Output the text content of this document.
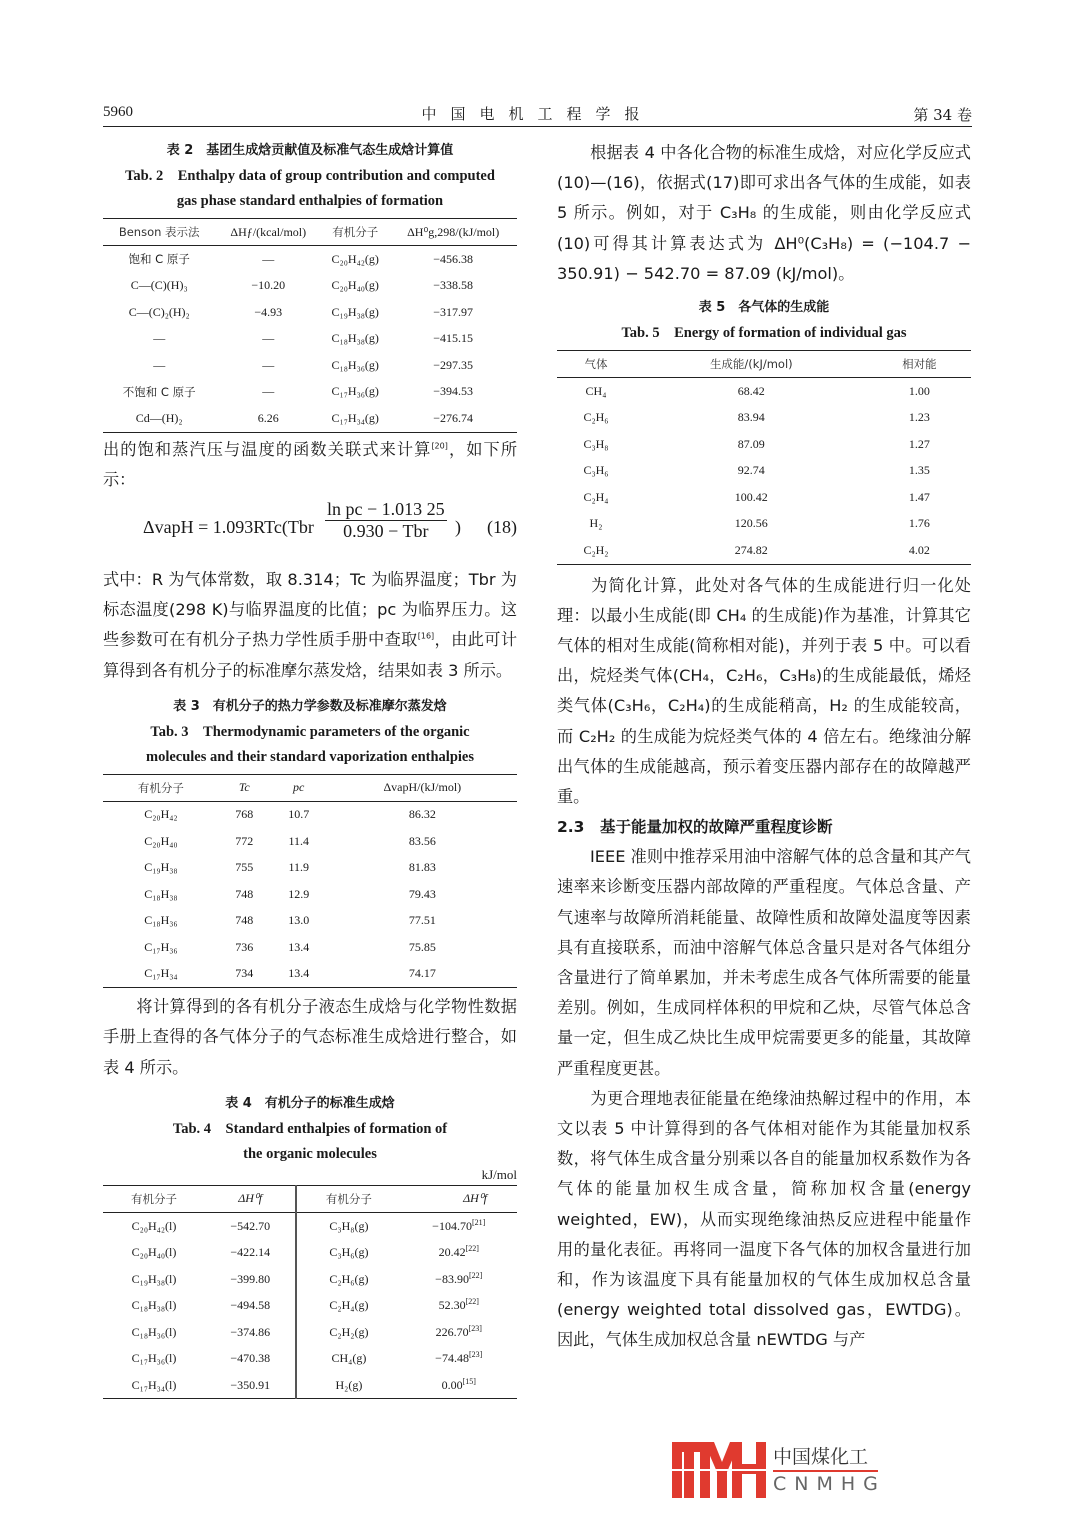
5960	中国电机工程学报	第 34 卷
表 2　基团生成焓贡献值及标准气态生成焓计算值
Tab. 2　Enthalpy data of group contribution and computed
gas phase standard enthalpies of formation
Benson 表示法	ΔHƒ/(kcal/mol)	有机分子	ΔH⁰g,298/(kJ/mol)
饱和 C 原子	—	C₂₀H₄₂(g)	−456.38
C—(C)(H)₃	−10.20	C₂₀H₄₀(g)	−338.58
C—(C)₂(H)₂	−4.93	C₁₉H₃₈(g)	−317.97
—	—	C₁₈H₃₈(g)	−415.15
—	—	C₁₈H₃₆(g)	−297.35
不饱和 C 原子	—	C₁₇H₃₆(g)	−394.53
Cd—(H)₂	6.26	C₁₇H₃₄(g)	−276.74

出的饱和蒸汽压与温度的函数关联式来计算[20]，如下所示：

ΔvapH = 1.093RTc(Tbr
ln pc − 1.013 25
0.930 − Tbr	) (18)

式中：R 为气体常数，取 8.314；Tc 为临界温度；Tbr 为标态温度(298 K)与临界温度的比值；pc 为临界压力。这些参数可在有机分子热力学性质手册中查取[16]，由此可计算得到各有机分子的标准摩尔蒸发焓，结果如表 3 所示。

表 3　有机分子的热力学参数及标准摩尔蒸发焓
Tab. 3　Thermodynamic parameters of the organic
molecules and their standard vaporization enthalpies
有机分子	Tc	pc	ΔvapH/(kJ/mol)
C₂₀H₄₂	768	10.7	86.32
C₂₀H₄₀	772	11.4	83.56
C₁₉H₃₈	755	11.9	81.83
C₁₈H₃₈	748	12.9	79.43
C₁₈H₃₆	748	13.0	77.51
C₁₇H₃₆	736	13.4	75.85
C₁₇H₃₄	734	13.4	74.17

将计算得到的各有机分子液态生成焓与化学物性数据手册上查得的各气体分子的气态标准生成焓进行整合，如表 4 所示。

表 4　有机分子的标准生成焓
Tab. 4　Standard enthalpies of formation of
the organic molecules
kJ/mol
有机分子	ΔH⁰f	有机分子	ΔH⁰f
C₂₀H₄₂(l)	−542.70	C₃H₈(g)	−104.70[21]
C₂₀H₄₀(l)	−422.14	C₃H₆(g)	20.42[22]
C₁₉H₃₈(l)	−399.80	C₂H₆(g)	−83.90[22]
C₁₈H₃₈(l)	−494.58	C₂H₄(g)	52.30[22]
C₁₈H₃₆(l)	−374.86	C₂H₂(g)	226.70[23]
C₁₇H₃₆(l)	−470.38	CH₄(g)	−74.48[23]
C₁₇H₃₄(l)	−350.91	H₂(g)	0.00[15]

根据表 4 中各化合物的标准生成焓，对应化学反应式(10)—(16)，依据式(17)即可求出各气体的生成能，如表 5 所示。例如，对于 C₃H₈ 的生成能，则由化学反应式(10)可得其计算表达式为 ΔH⁰(C₃H₈) = (−104.7 − 350.91) − 542.70 = 87.09 (kJ/mol)。

表 5　各气体的生成能
Tab. 5　Energy of formation of individual gas
气体	生成能/(kJ/mol)	相对能
CH₄	68.42	1.00
C₂H₆	83.94	1.23
C₃H₈	87.09	1.27
C₃H₆	92.74	1.35
C₂H₄	100.42	1.47
H₂	120.56	1.76
C₂H₂	274.82	4.02

为简化计算，此处对各气体的生成能进行归一化处理：以最小生成能(即 CH₄ 的生成能)作为基准，计算其它气体的相对生成能(简称相对能)，并列于表 5 中。可以看出，烷烃类气体(CH₄，C₂H₆，C₃H₈)的生成能最低，烯烃类气体(C₃H₆，C₂H₄)的生成能稍高，H₂ 的生成能较高，而 C₂H₂ 的生成能为烷烃类气体的 4 倍左右。绝缘油分解出气体的生成能越高，预示着变压器内部存在的故障越严重。

2.3　基于能量加权的故障严重程度诊断

IEEE 准则中推荐采用油中溶解气体的总含量和其产气速率来诊断变压器内部故障的严重程度。气体总含量、产气速率与故障所消耗能量、故障性质和故障处温度等因素具有直接联系，而油中溶解气体总含量只是对各气体组分含量进行了简单累加，并未考虑生成各气体所需要的能量差别。例如，生成同样体积的甲烷和乙炔，尽管气体总含量一定，但生成乙炔比生成甲烷需要更多的能量，其故障严重程度更甚。

为更合理地表征能量在绝缘油热解过程中的作用，本文以表 5 中计算得到的各气体相对能作为其能量加权系数，将气体生成含量分别乘以各自的能量加权系数作为各气体的能量加权生成含量，简称加权含量(energy weighted，EW)，从而实现绝缘油热反应进程中能量作用的量化表征。再将同一温度下各气体的加权含量进行加和，作为该温度下具有能量加权的气体生成加权总含量(energy weighted total dissolved gas，EWTDG)。因此，气体生成加权总含量 nEWTDG 与产

中国煤化工
CNMHG
